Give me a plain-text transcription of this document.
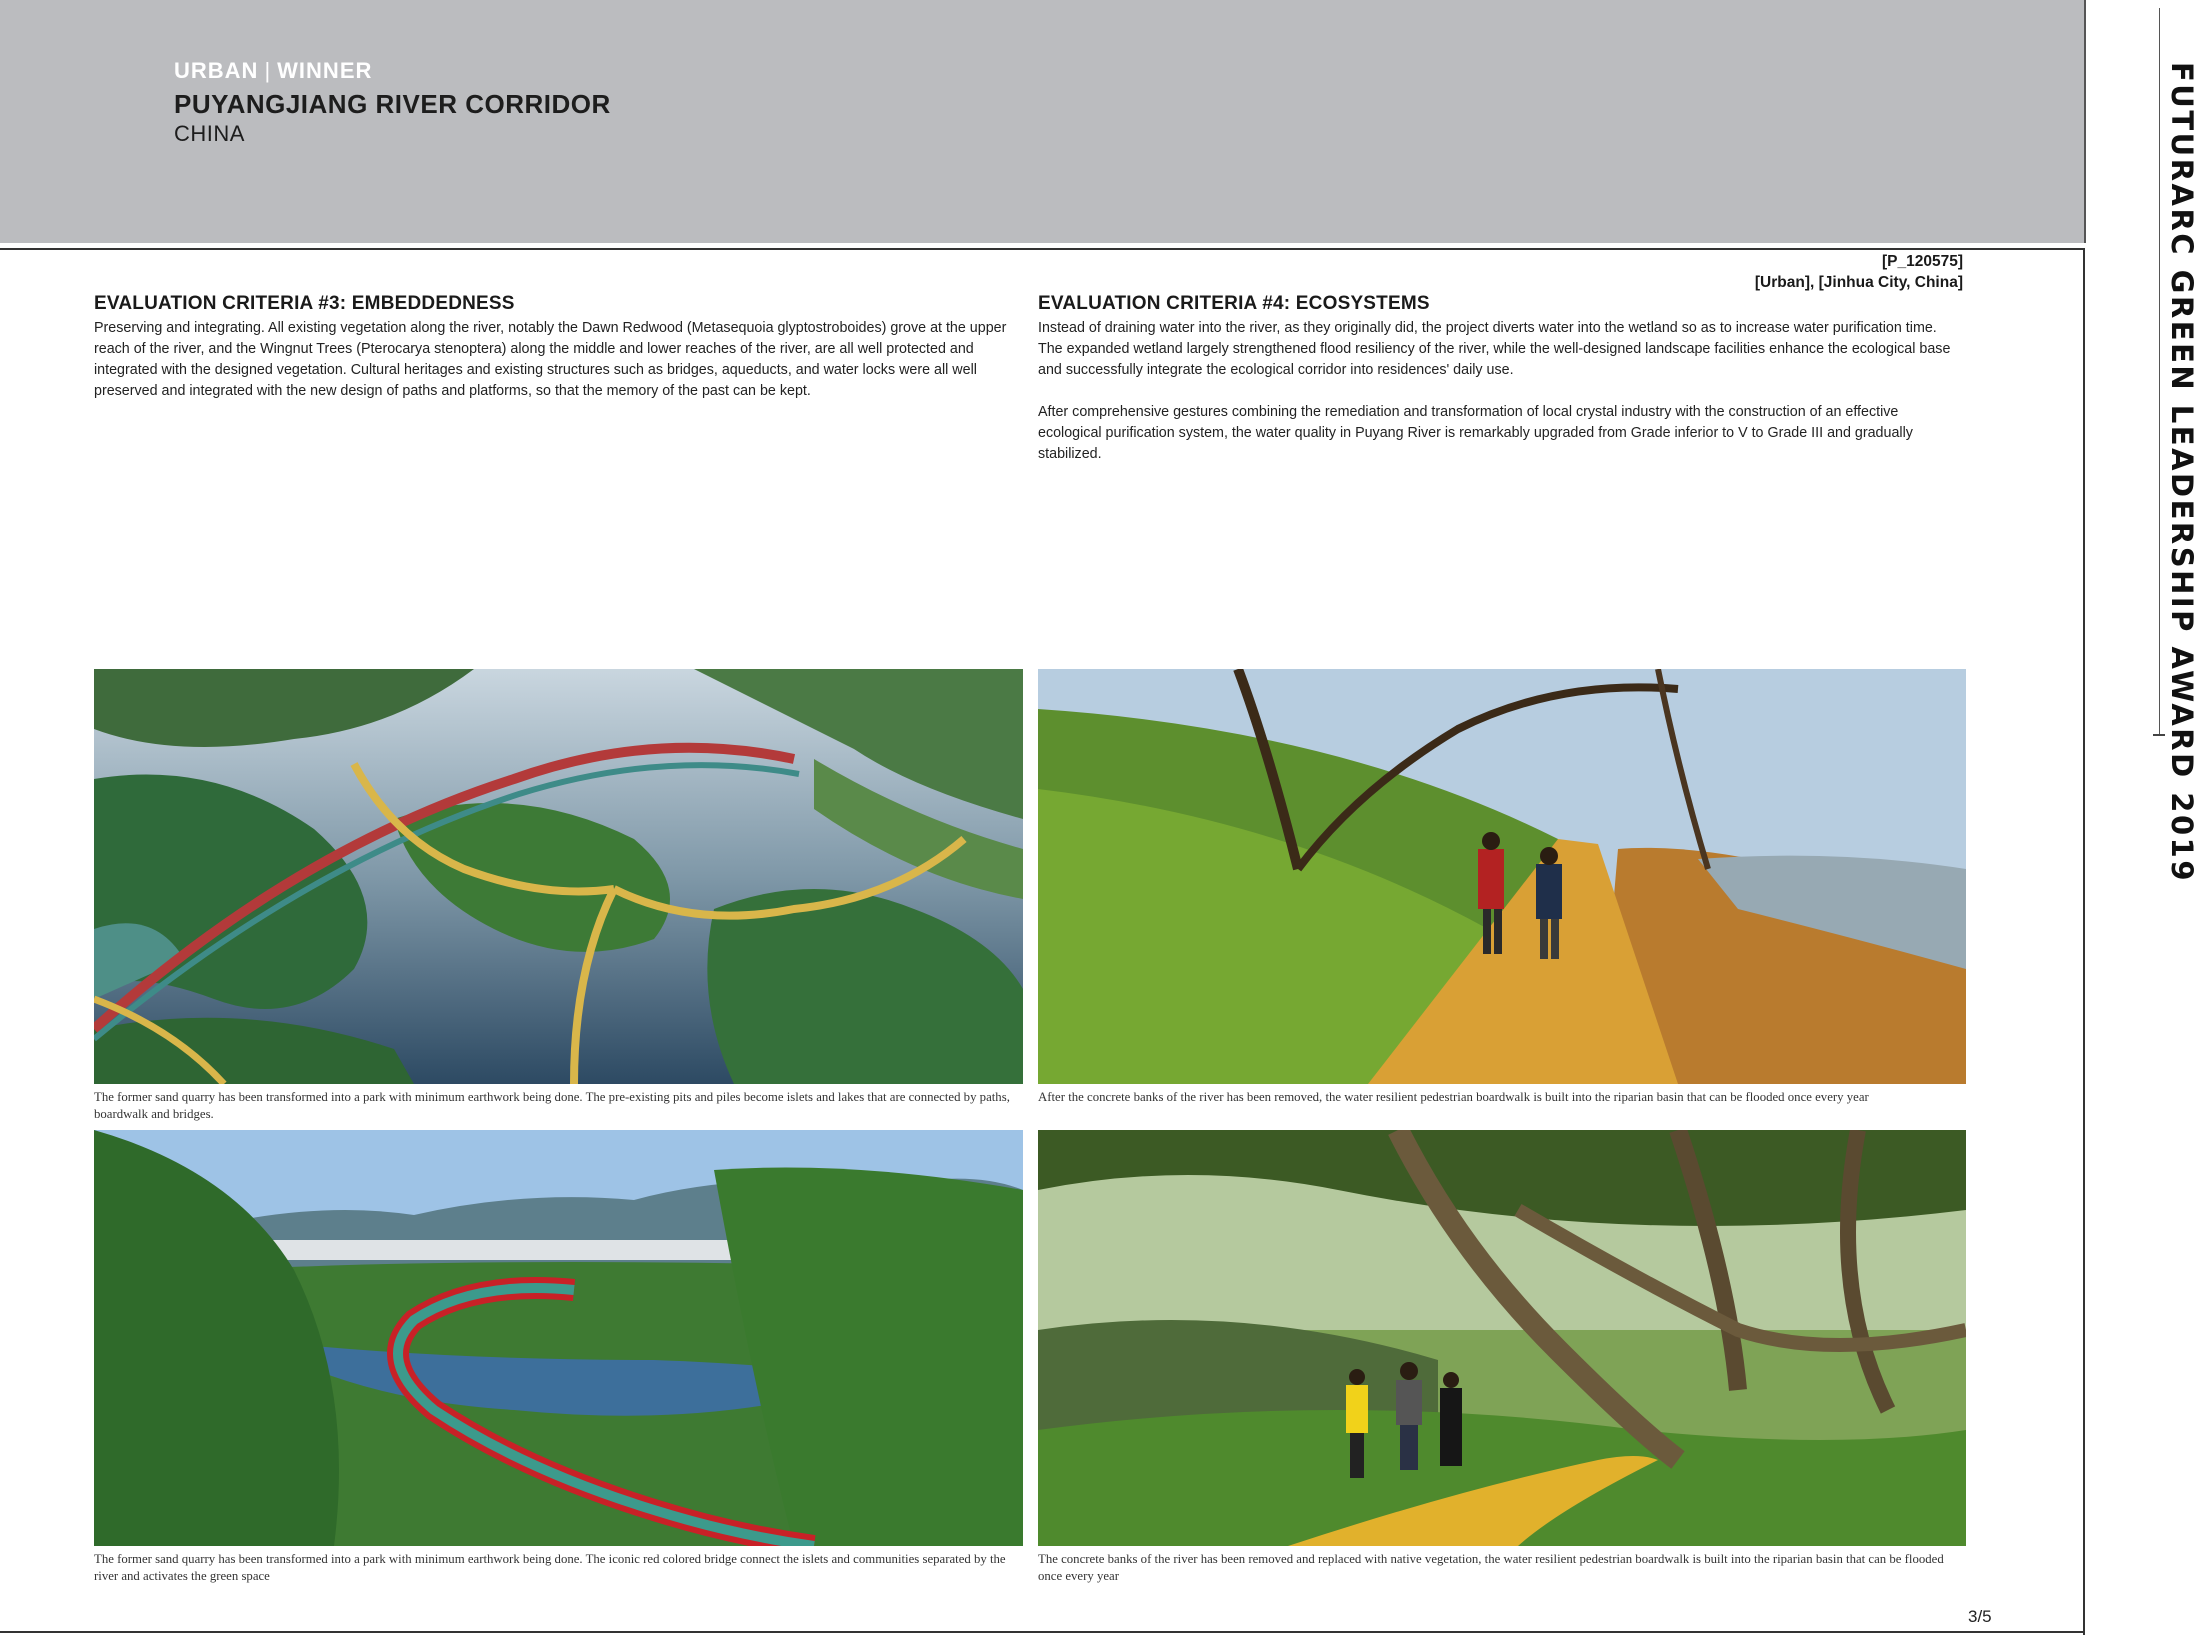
URBAN | WINNER
PUYANGJIANG RIVER CORRIDOR
CHINA	FUTURARC GREEN LEADERSHIP AWARD 2019
[P_120575]
[Urban], [Jinhua City, China]
EVALUATION CRITERIA #3: EMBEDDEDNESS

Preserving and integrating. All existing vegetation along the river, notably the Dawn Redwood (Metasequoia glyptostroboides) grove at the upper reach of the river, and the Wingnut Trees (Pterocarya stenoptera) along the middle and lower reaches of the river, are all well protected and integrated with the designed vegetation. Cultural heritages and existing structures such as bridges, aqueducts, and water locks were all well preserved and integrated with the new design of paths and platforms, so that the memory of the past can be kept.

EVALUATION CRITERIA #4: ECOSYSTEMS

Instead of draining water into the river, as they originally did, the project diverts water into the wetland so as to increase water purification time. The expanded wetland largely strengthened flood resiliency of the river, while the well-designed landscape facilities enhance the ecological base and successfully integrate the ecological corridor into residences' daily use.

After comprehensive gestures combining the remediation and transformation of local crystal industry with the construction of an effective ecological purification system, the water quality in Puyang River is remarkably upgraded from Grade inferior to V to Grade III and gradually stabilized.

The former sand quarry has been transformed into a park with minimum earthwork being done. The pre-existing pits and piles become islets and lakes that are connected by paths, boardwalk and bridges.
After the concrete banks of the river has been removed, the water resilient pedestrian boardwalk is built into the riparian basin that can be flooded once every year
The former sand quarry has been transformed into a park with minimum earthwork being done. The iconic red colored bridge connect the islets and communities separated by the river and activates the green space
The concrete banks of the river has been removed and replaced with native vegetation, the water resilient pedestrian boardwalk is built into the riparian basin that can be flooded once every year
3/5
